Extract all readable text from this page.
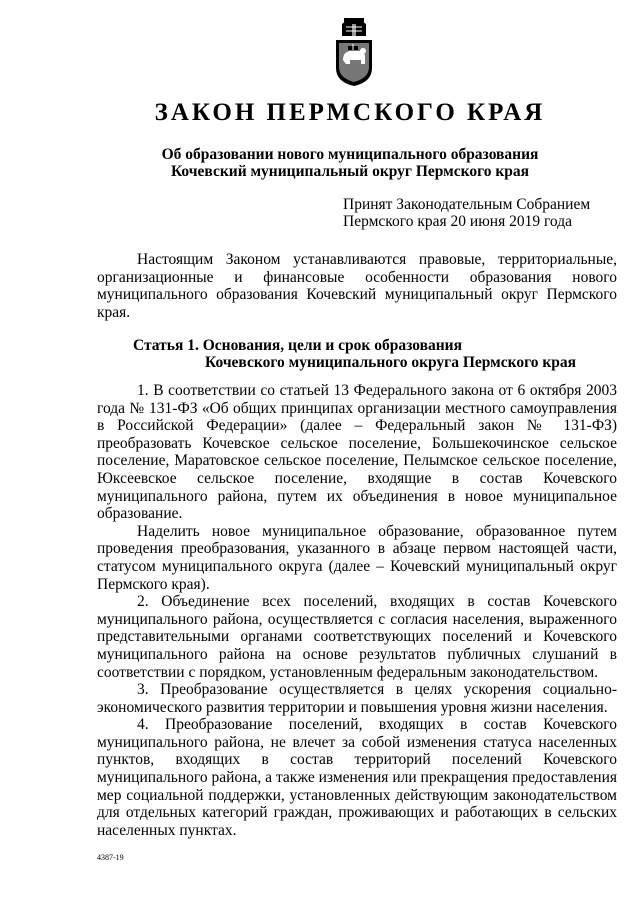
ЗАКОН ПЕРМСКОГО КРАЯ
Об образовании нового муниципального образования
Кочевский муниципальный округ Пермского края
Принят Законодательным Собранием
Пермского края 20 июня 2019 года

Настоящим Законом устанавливаются правовые, территориальные, организационные и финансовые особенности образования нового муниципального образования Кочевский муниципальный округ Пермского края.

Статья 1. Основания, цели и срок образования
Кочевского муниципального округа Пермского края

1. В соответствии со статьей 13 Федерального закона от 6 октября 2003 года № 131-ФЗ «Об общих принципах организации местного самоуправления в Российской Федерации» (далее – Федеральный закон № 131-ФЗ) преобразовать Кочевское сельское поселение, Большекочинское сельское поселение, Маратовское сельское поселение, Пелымское сельское поселение, Юксеевское сельское поселение, входящие в состав Кочевского муниципального района, путем их объединения в новое муниципальное образование.

Наделить новое муниципальное образование, образованное путем проведения преобразования, указанного в абзаце первом настоящей части, статусом муниципального округа (далее – Кочевский муниципальный округ Пермского края).

2. Объединение всех поселений, входящих в состав Кочевского муниципального района, осуществляется с согласия населения, выраженного представительными органами соответствующих поселений и Кочевского муниципального района на основе результатов публичных слушаний в соответствии с порядком, установленным федеральным законодательством.

3. Преобразование осуществляется в целях ускорения социально-экономического развития территории и повышения уровня жизни населения.

4. Преобразование поселений, входящих в состав Кочевского муниципального района, не влечет за собой изменения статуса населенных пунктов, входящих в состав территорий поселений Кочевского муниципального района, а также изменения или прекращения предоставления мер социальной поддержки, установленных действующим законодательством для отдельных категорий граждан, проживающих и работающих в сельских населенных пунктах.

4387-19
